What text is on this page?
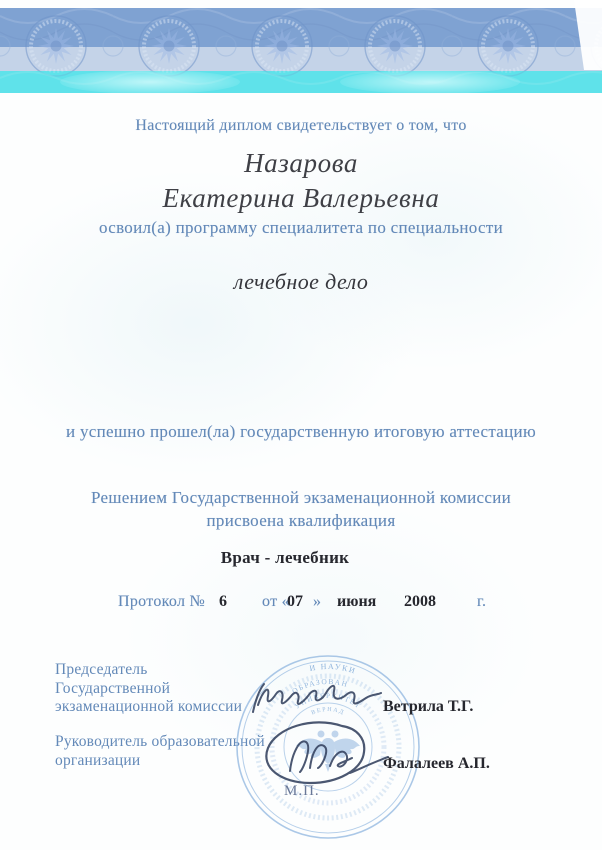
Настоящий диплом свидетельствует о том, что
Назарова
Екатерина Валерьевна
освоил(а) программу специалитета по специальности
лечебное дело
и успешно прошел(ла) государственную итоговую аттестацию
Решением Государственной экзаменационной комиссии
присвоена квалификация
Врач - лечебник
Протокол № 6 от «
07 » июня 2008	г.
Председатель
Государственной
экзаменационной комиссии
Руководитель образовательной
организации
И НАУКИ
ОБРАЗОВАН
УНИВЕРСИТЕТ
ВЕРНАД
М.П.
Ветрила Т.Г.
Фалалеев А.П.
